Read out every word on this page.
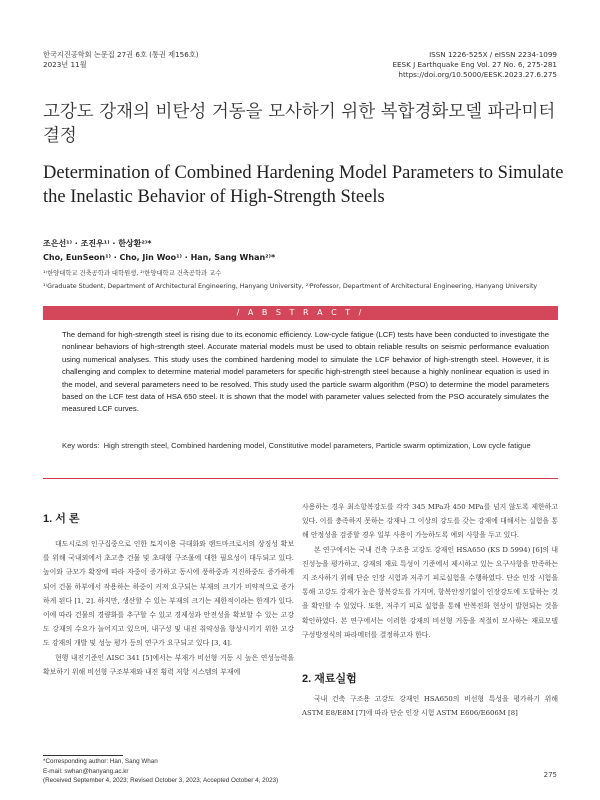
한국지진공학회 논문집 27권 6호 (통권 제156호)
2023년 11월
ISSN 1226-525X / eISSN 2234-1099
EESK J Earthquake Eng Vol. 27 No. 6, 275-281
https://doi.org/10.5000/EESK.2023.27.6.275
고강도 강재의 비탄성 거동을 모사하기 위한 복합경화모델 파라미터 결정
Determination of Combined Hardening Model Parameters to Simulate the Inelastic Behavior of High-Strength Steels
조은선¹⁾ · 조진우¹⁾ · 한상환²⁾*
Cho, EunSeon¹⁾ · Cho, Jin Woo¹⁾ · Han, Sang Whan²⁾*
¹⁾한양대학교 건축공학과 대학원생, ²⁾한양대학교 건축공학과 교수
¹⁾Graduate Student, Department of Architectural Engineering, Hanyang University, ²⁾Professor, Department of Architectural Engineering, Hanyang University
/ A B S T R A C T /
The demand for high-strength steel is rising due to its economic efficiency. Low-cycle fatigue (LCF) tests have been conducted to investigate the nonlinear behaviors of high-strength steel. Accurate material models must be used to obtain reliable results on seismic performance evaluation using numerical analyses. This study uses the combined hardening model to simulate the LCF behavior of high-strength steel. However, it is challenging and complex to determine material model parameters for specific high-strength steel because a highly nonlinear equation is used in the model, and several parameters need to be resolved. This study used the particle swarm algorithm (PSO) to determine the model parameters based on the LCF test data of HSA 650 steel. It is shown that the model with parameter values selected from the PSO accurately simulates the measured LCF curves.
Key words: High strength steel, Combined hardening model, Constitutive model parameters, Particle swarm optimization, Low cycle fatigue
1. 서 론
대도시로의 인구집중으로 인한 토지이용 극대화와 랜드마크로서의 상징성 확보를 위해 국내외에서 초고층 건물 및 초대형 구조물에 대한 필요성이 대두되고 있다. 높이와 규모가 확장에 따라 자중이 증가하고 동시에 풍하중과 지진하중도 증가하게 되어 건물 하부에서 작용하는 하중이 커져 요구되는 부재의 크기가 비약적으로 증가하게 된다 [1, 2]. 하지만, 생산할 수 있는 부재의 크기는 제한적이라는 한계가 있다. 이에 따라 건물의 경량화를 추구할 수 있고 경제성과 안전성을 확보할 수 있는 고강도 강재의 수요가 늘어지고 있으며, 내구성 및 내진 취약성을 향상시키기 위한 고강도 강재의 개발 및 성능 평가 등의 연구가 요구되고 있다 [3, 4].
현행 내진기준인 AISC 341 [5]에서는 부재가 비선형 거동 시 높은 연성능력을 확보하기 위해 비선형 구조부재와 내진 횡력 저항 시스템의 부재에
사용하는 경우 최소항복강도를 각각 345 MPa과 450 MPa를 넘지 않도록 제한하고 있다. 이를 충족하지 못하는 강재나 그 이상의 강도를 갖는 강재에 대해서는 실험을 통해 안정성을 검증할 경우 일부 사용이 가능하도록 예외 사항을 두고 있다.
본 연구에서는 국내 건축 구조용 고강도 강재인 HSA650 (KS D 5994) [6]의 내진성능을 평가하고, 강재의 재료 특성이 기준에서 제시하고 있는 요구사항을 만족하는지 조사하기 위해 단순 인장 시험과 저주기 피로실험을 수행하였다. 단순 인장 시험을 통해 고강도 강재가 높은 항복강도를 가지며, 항복안정기없이 인장강도에 도달하는 것을 확인할 수 있었다. 또한, 저주기 피로 실험을 통해 반복전화 현상이 발현되는 것을 확인하였다. 본 연구에서는 이러한 강재의 비선형 거동을 적절히 모사하는 재료모델 구성방정식의 파라메터를 결정하고자 한다.
2. 재료실험
국내 건축 구조용 고강도 강재인 HSA650의 비선형 특성을 평가하기 위해 ASTM E8/E8M [7]에 따라 단순 인장 시험 ASTM E606/E606M [8]
*Corresponding author: Han, Sang Whan
E-mail: swhan@hanyang.ac.kr
(Received September 4, 2023; Revised October 3, 2023; Accepted October 4, 2023)
275
